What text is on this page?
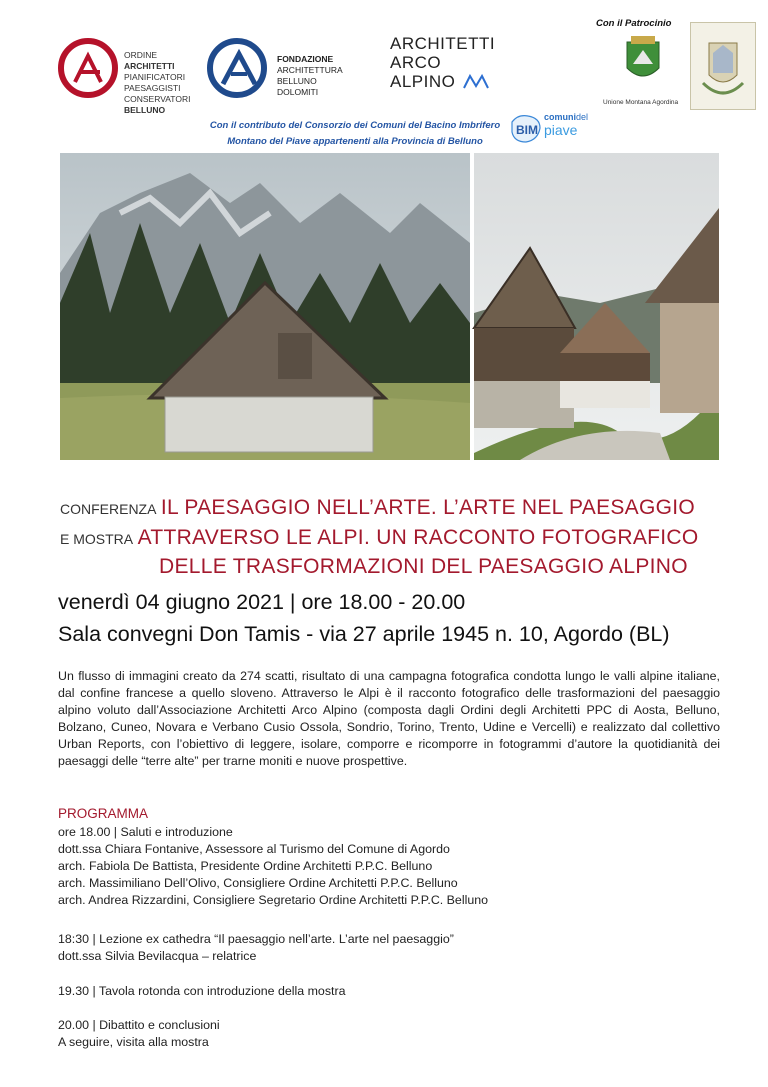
ORDINE
ARCHITETTI
PIANIFICATORI
PAESAGGISTI
CONSERVATORI
BELLUNO
FONDAZIONE
ARCHITETTURA
BELLUNO
DOLOMITI
ARCHITETTI
ARCO
ALPINO
Con il Patrocinio
Unione Montana Agordina
Con il contributo del Consorzio dei Comuni del Bacino Imbrifero
Montano del Piave appartenenti alla Provincia di Belluno
BIM
comunidel
piave
CONFERENZA IL PAESAGGIO NELL’ARTE. L’ARTE NEL PAESAGGIO
E MOSTRA ATTRAVERSO LE ALPI. UN RACCONTO FOTOGRAFICO
DELLE TRASFORMAZIONI DEL PAESAGGIO ALPINO
venerdì 04 giugno 2021 | ore 18.00 - 20.00
Sala convegni Don Tamis - via 27 aprile 1945 n. 10, Agordo (BL)
Un flusso di immagini creato da 274 scatti, risultato di una campagna fotografica condotta lungo le valli alpine italiane, dal confine francese a quello sloveno. Attraverso le Alpi è il racconto fotografico delle trasformazioni del paesaggio alpino voluto dall’Associazione Architetti Arco Alpino (composta dagli Ordini degli Architetti PPC di Aosta, Belluno, Bolzano, Cuneo, Novara e Verbano Cusio Ossola, Sondrio, Torino, Trento, Udine e Vercelli) e realizzato dal collettivo Urban Reports, con l’obiettivo di leggere, isolare, comporre e ricomporre in fotogrammi d’autore la quotidianità dei paesaggi delle “terre alte” per trarne moniti e nuove prospettive.
PROGRAMMA
ore 18.00 | Saluti e introduzione
dott.ssa Chiara Fontanive, Assessore al Turismo del Comune di Agordo
arch. Fabiola De Battista, Presidente Ordine Architetti P.P.C. Belluno
arch. Massimiliano Dell’Olivo, Consigliere Ordine Architetti P.P.C. Belluno
arch. Andrea Rizzardini, Consigliere Segretario Ordine Architetti P.P.C. Belluno
18:30 | Lezione ex cathedra “Il paesaggio nell’arte. L’arte nel paesaggio”
dott.ssa Silvia Bevilacqua – relatrice
19.30 | Tavola rotonda con introduzione della mostra
20.00 | Dibattito e conclusioni
A seguire, visita alla mostra
